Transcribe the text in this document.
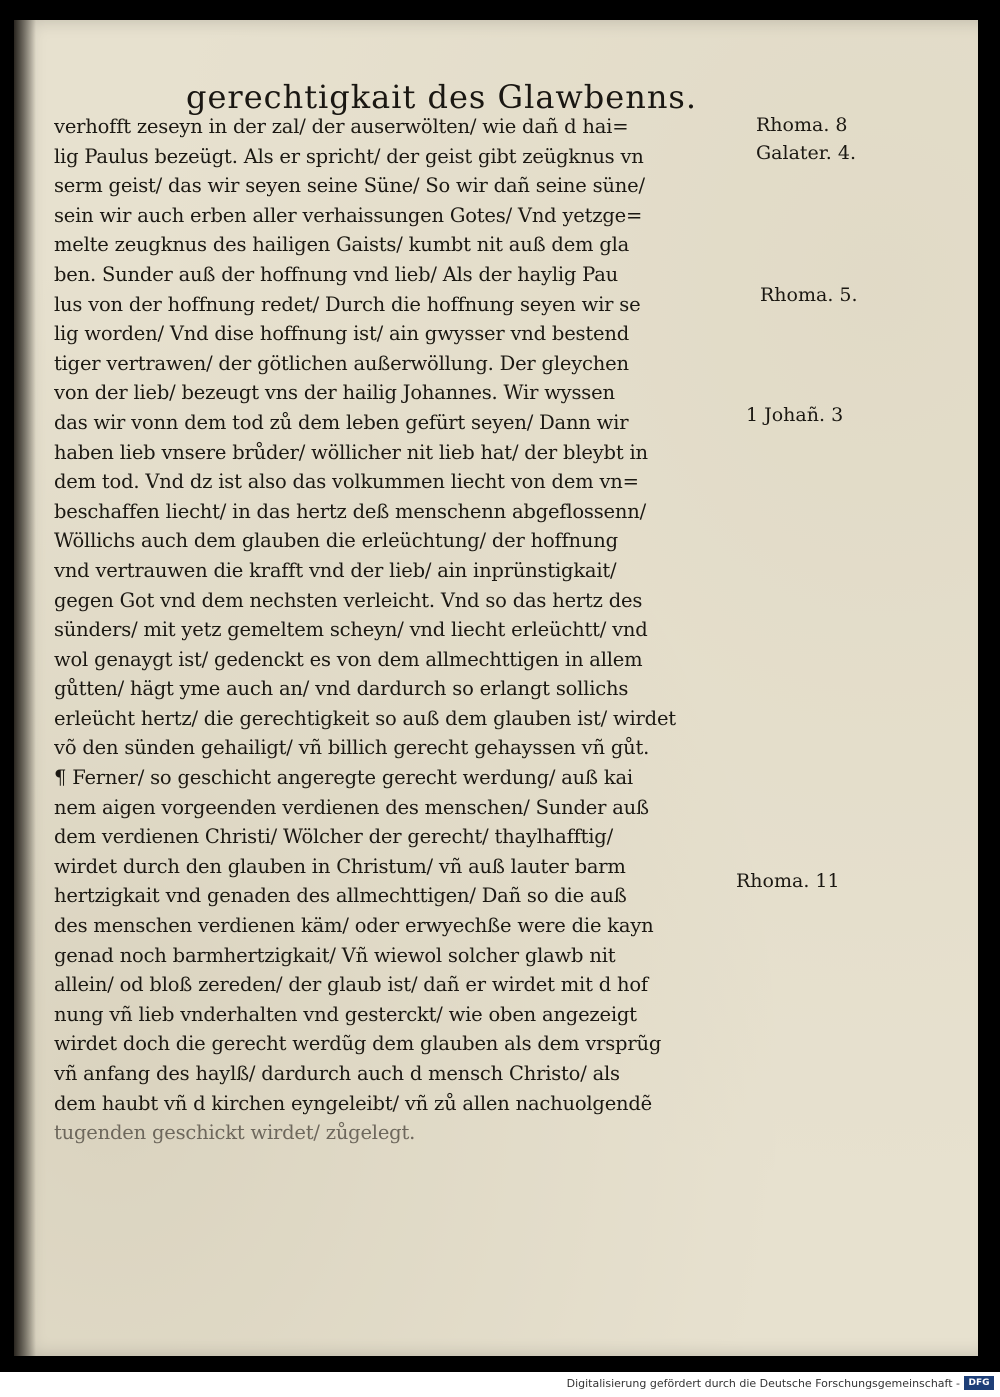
gerechtigkait des Glawbenns.
verhofft zeseyn in der zal/ der auserwölten/ wie dañ d hai=
lig Paulus bezeügt. Als er spricht/ der geist gibt zeügknus vn
serm geist/ das wir seyen seine Süne/ So wir dañ seine süne/
sein wir auch erben aller verhaissungen Gotes/ Vnd yetzge=
melte zeugknus des hailigen Gaists/ kumbt nit auß dem gla
ben. Sunder auß der hoffnung vnd lieb/ Als der haylig Pau
lus von der hoffnung redet/ Durch die hoffnung seyen wir se
lig worden/ Vnd dise hoffnung ist/ ain gwysser vnd bestend
tiger vertrawen/ der götlichen außerwöllung. Der gleychen
von der lieb/ bezeugt vns der hailig Johannes. Wir wyssen
das wir vonn dem tod zů dem leben gefürt seyen/ Dann wir
haben lieb vnsere brůder/ wöllicher nit lieb hat/ der bleybt in
dem tod. Vnd dz ist also das volkummen liecht von dem vn=
beschaffen liecht/ in das hertz deß menschenn abgeflossenn/
Wöllichs auch dem glauben die erleüchtung/ der hoffnung
vnd vertrauwen die krafft vnd der lieb/ ain inprünstigkait/
gegen Got vnd dem nechsten verleicht. Vnd so das hertz des
sünders/ mit yetz gemeltem scheyn/ vnd liecht erleüchtt/ vnd
wol genaygt ist/ gedenckt es von dem allmechttigen in allem
gůtten/ hägt yme auch an/ vnd dardurch so erlangt sollichs
erleücht hertz/ die gerechtigkeit so auß dem glauben ist/ wirdet
võ den sünden gehailigt/ vñ billich gerecht gehayssen vñ gůt.
¶ Ferner/ so geschicht angeregte gerecht werdung/ auß kai
nem aigen vorgeenden verdienen des menschen/ Sunder auß
dem verdienen Christi/ Wölcher der gerecht/ thaylhafftig/
wirdet durch den glauben in Christum/ vñ auß lauter barm
hertzigkait vnd genaden des allmechttigen/ Dañ so die auß
des menschen verdienen käm/ oder erwyechße were die kayn
genad noch barmhertzigkait/ Vñ wiewol solcher glawb nit
allein/ od bloß zereden/ der glaub ist/ dañ er wirdet mit d hof
nung vñ lieb vnderhalten vnd gesterckt/ wie oben angezeigt
wirdet doch die gerecht werdũg dem glauben als dem vrsprũg
vñ anfang des haylß/ dardurch auch d mensch Christo/ als
dem haubt vñ d kirchen eyngeleibt/ vñ zů allen nachuolgendẽ
tugenden geschickt wirdet/ zůgelegt.
Rhoma. 8
Galater. 4.
Rhoma. 5.
1 Johañ. 3
Rhoma. 11
Digitalisierung gefördert durch die Deutsche Forschungsgemeinschaft - DFG
